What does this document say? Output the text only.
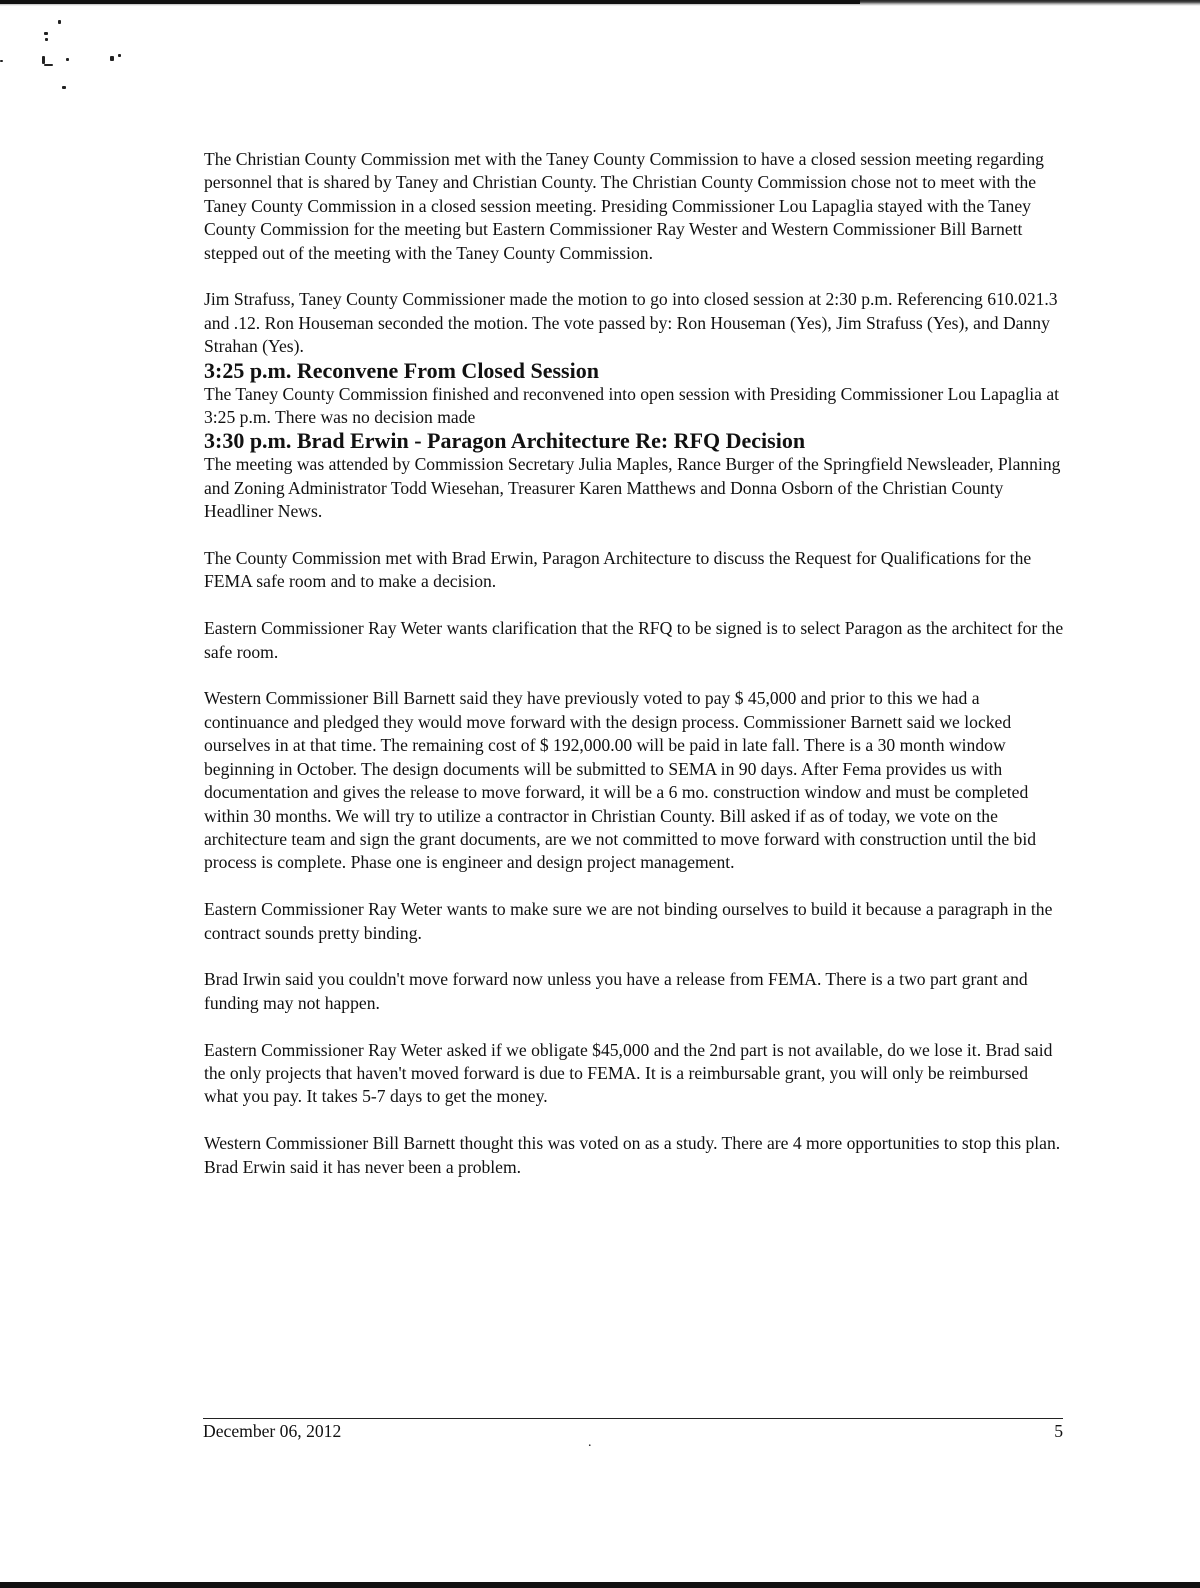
The Christian County Commission met with the Taney County Commission to have a closed session meeting regarding personnel that is shared by Taney and Christian County. The Christian County Commission chose not to meet with the Taney County Commission in a closed session meeting. Presiding Commissioner Lou Lapaglia stayed with the Taney County Commission for the meeting but Eastern Commissioner Ray Wester and Western Commissioner Bill Barnett stepped out of the meeting with the Taney County Commission.

Jim Strafuss, Taney County Commissioner made the motion to go into closed session at 2:30 p.m. Referencing 610.021.3 and .12. Ron Houseman seconded the motion. The vote passed by: Ron Houseman (Yes), Jim Strafuss (Yes), and Danny Strahan (Yes).

3:25 p.m. Reconvene From Closed Session

The Taney County Commission finished and reconvened into open session with Presiding Commissioner Lou Lapaglia at 3:25 p.m. There was no decision made

3:30 p.m. Brad Erwin - Paragon Architecture Re: RFQ Decision

The meeting was attended by Commission Secretary Julia Maples, Rance Burger of the Springfield Newsleader, Planning and Zoning Administrator Todd Wiesehan, Treasurer Karen Matthews and Donna Osborn of the Christian County Headliner News.

The County Commission met with Brad Erwin, Paragon Architecture to discuss the Request for Qualifications for the FEMA safe room and to make a decision.

Eastern Commissioner Ray Weter wants clarification that the RFQ to be signed is to select Paragon as the architect for the safe room.

Western Commissioner Bill Barnett said they have previously voted to pay $ 45,000 and prior to this we had a continuance and pledged they would move forward with the design process. Commissioner Barnett said we locked ourselves in at that time. The remaining cost of $ 192,000.00 will be paid in late fall. There is a 30 month window beginning in October. The design documents will be submitted to SEMA in 90 days. After Fema provides us with documentation and gives the release to move forward, it will be a 6 mo. construction window and must be completed within 30 months. We will try to utilize a contractor in Christian County. Bill asked if as of today, we vote on the architecture team and sign the grant documents, are we not committed to move forward with construction until the bid process is complete. Phase one is engineer and design project management.

Eastern Commissioner Ray Weter wants to make sure we are not binding ourselves to build it because a paragraph in the contract sounds pretty binding.

Brad Irwin said you couldn't move forward now unless you have a release from FEMA. There is a two part grant and funding may not happen.

Eastern Commissioner Ray Weter asked if we obligate $45,000 and the 2nd part is not available, do we lose it. Brad said the only projects that haven't moved forward is due to FEMA. It is a reimbursable grant, you will only be reimbursed what you pay. It takes 5-7 days to get the money.

Western Commissioner Bill Barnett thought this was voted on as a study. There are 4 more opportunities to stop this plan.

Brad Erwin said it has never been a problem.

December 06, 2012
.
5
